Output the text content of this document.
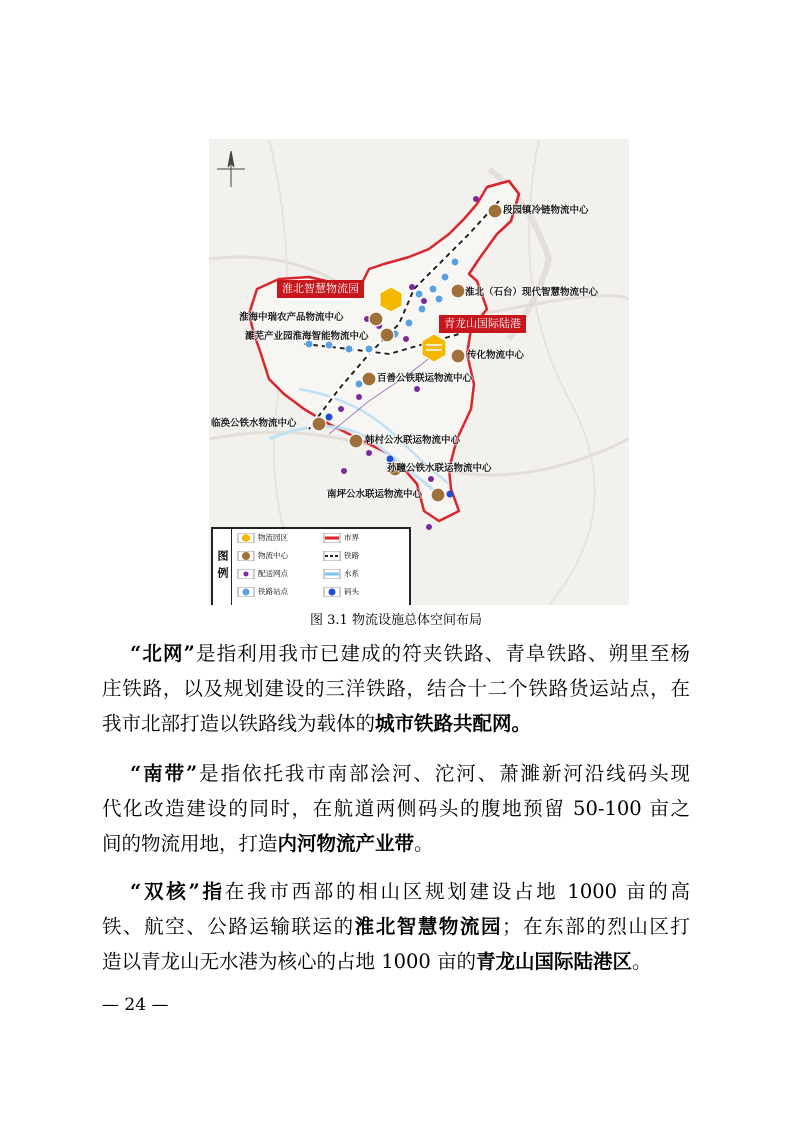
段园镇冷链物流中心
淮北（石台）现代智慧物流中心
淮北智慧物流园
青龙山国际陆港
淮海中瑞农产品物流中心
濉芜产业园淮海智能物流中心
传化物流中心
百善公铁联运物流中心
临涣公铁水物流中心
韩村公水联运物流中心
孙疃公铁水联运物流中心
南坪公水联运物流中心
图例
物流园区	市界
物流中心	铁路
配送网点	水系
铁路站点	码头
图 3.1 物流设施总体空间布局

“北网”是指利用我市已建成的符夹铁路、青阜铁路、朔里至杨

庄铁路，以及规划建设的三洋铁路，结合十二个铁路货运站点，在

我市北部打造以铁路线为载体的城市铁路共配网。

“南带”是指依托我市南部浍河、沱河、萧濉新河沿线码头现

代化改造建设的同时，在航道两侧码头的腹地预留 50-100 亩之

间的物流用地，打造内河物流产业带。

“双核”指在我市西部的相山区规划建设占地 1000 亩的高

铁、航空、公路运输联运的淮北智慧物流园；在东部的烈山区打

造以青龙山无水港为核心的占地 1000 亩的青龙山国际陆港区。

— 24 —
